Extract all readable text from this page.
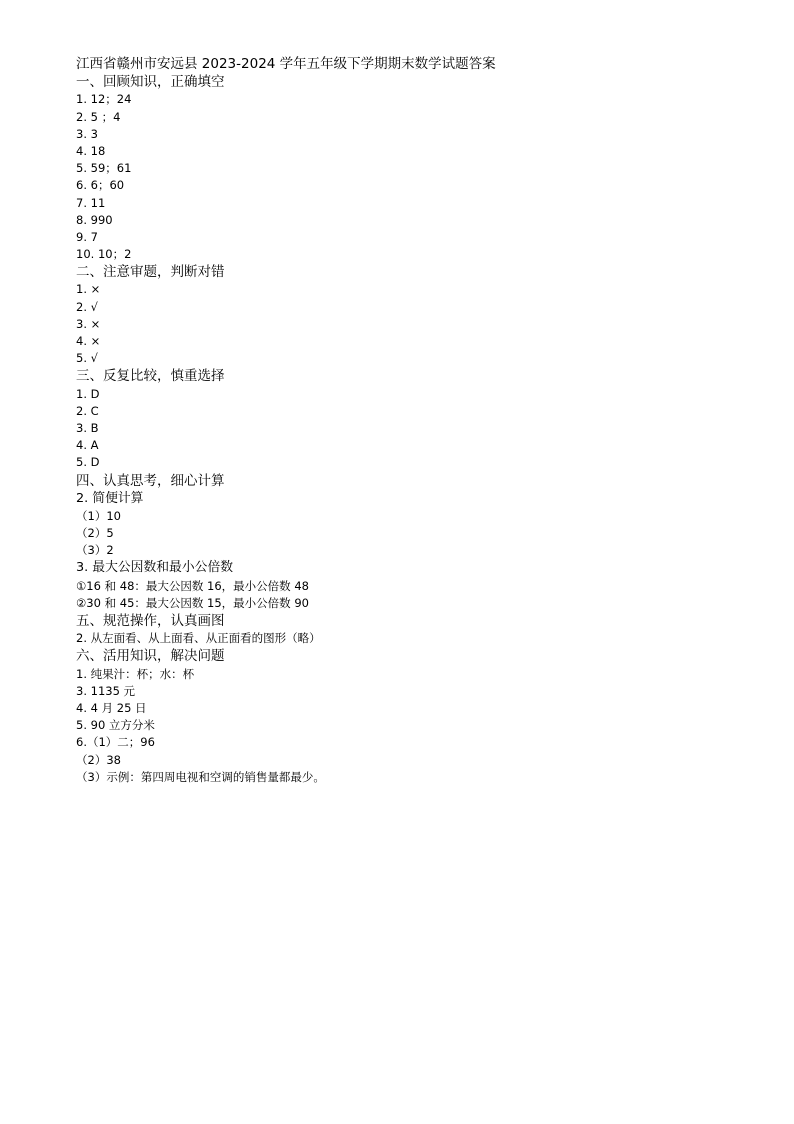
江西省赣州市安远县 2023-2024 学年五年级下学期期末数学试题答案
一、回顾知识，正确填空
1. 12；24
2. 5 ；4
3. 3
4. 18
5. 59；61
6. 6；60
7. 11
8. 990
9. 7
10. 10；2
二、注意审题，判断对错
1. ×
2. √
3. ×
4. ×
5. √
三、反复比较，慎重选择
1. D
2. C
3. B
4. A
5. D
四、认真思考，细心计算
2. 简便计算
（1）10
（2）5
（3）2
3. 最大公因数和最小公倍数
①16 和 48：最大公因数 16，最小公倍数 48
②30 和 45：最大公因数 15，最小公倍数 90
五、规范操作，认真画图
2. 从左面看、从上面看、从正面看的图形（略）
六、活用知识，解决问题
1. 纯果汁：杯；水：杯
3. 1135 元
4. 4 月 25 日
5. 90 立方分米
6.（1）二；96
（2）38
（3）示例：第四周电视和空调的销售量都最少。
